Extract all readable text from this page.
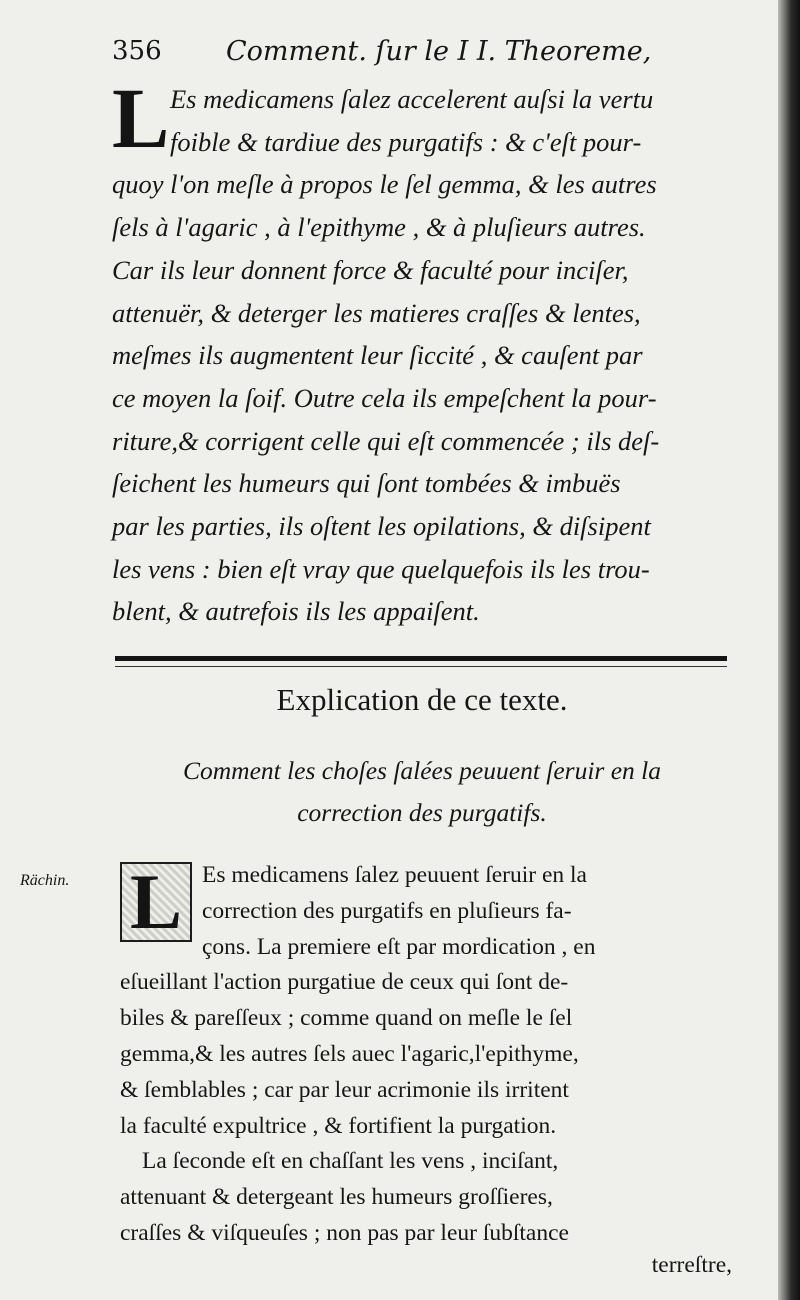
356 Comment. ſur le I I. Theoreme,
L Es medicamens ſalez accelerent auſsi la vertu
foible & tardiue des purgatifs : & c'eſt pour-
quoy l'on meſle à propos le ſel gemma, & les autres
ſels à l'agaric , à l'epithyme , & à pluſieurs autres.
Car ils leur donnent force & faculté pour inciſer,
attenuër, & deterger les matieres craſſes & lentes,
meſmes ils augmentent leur ſiccité , & cauſent par
ce moyen la ſoif. Outre cela ils empeſchent la pour-
riture,& corrigent celle qui eſt commencée ; ils deſ-
ſeichent les humeurs qui ſont tombées & imbuës
par les parties, ils oſtent les opilations, & diſsipent
les vens : bien eſt vray que quelquefois ils les trou-
blent, & autrefois ils les appaiſent.
Explication de ce texte.
Comment les choſes ſalées peuuent ſeruir en la
correction des purgatifs.
Rächin. L Es medicamens ſalez peuuent ſeruir en la
correction des purgatifs en pluſieurs fa-
çons. La premiere eſt par mordication , en
eſueillant l'action purgatiue de ceux qui ſont de-
biles & pareſſeux ; comme quand on meſle le ſel
gemma,& les autres ſels auec l'agaric,l'epithyme,
& ſemblables ; car par leur acrimonie ils irritent
la faculté expultrice , & fortifient la purgation.
La ſeconde eſt en chaſſant les vens , inciſant,
attenuant & detergeant les humeurs groſſieres,
craſſes & viſqueuſes ; non pas par leur ſubſtance
terreſtre,
